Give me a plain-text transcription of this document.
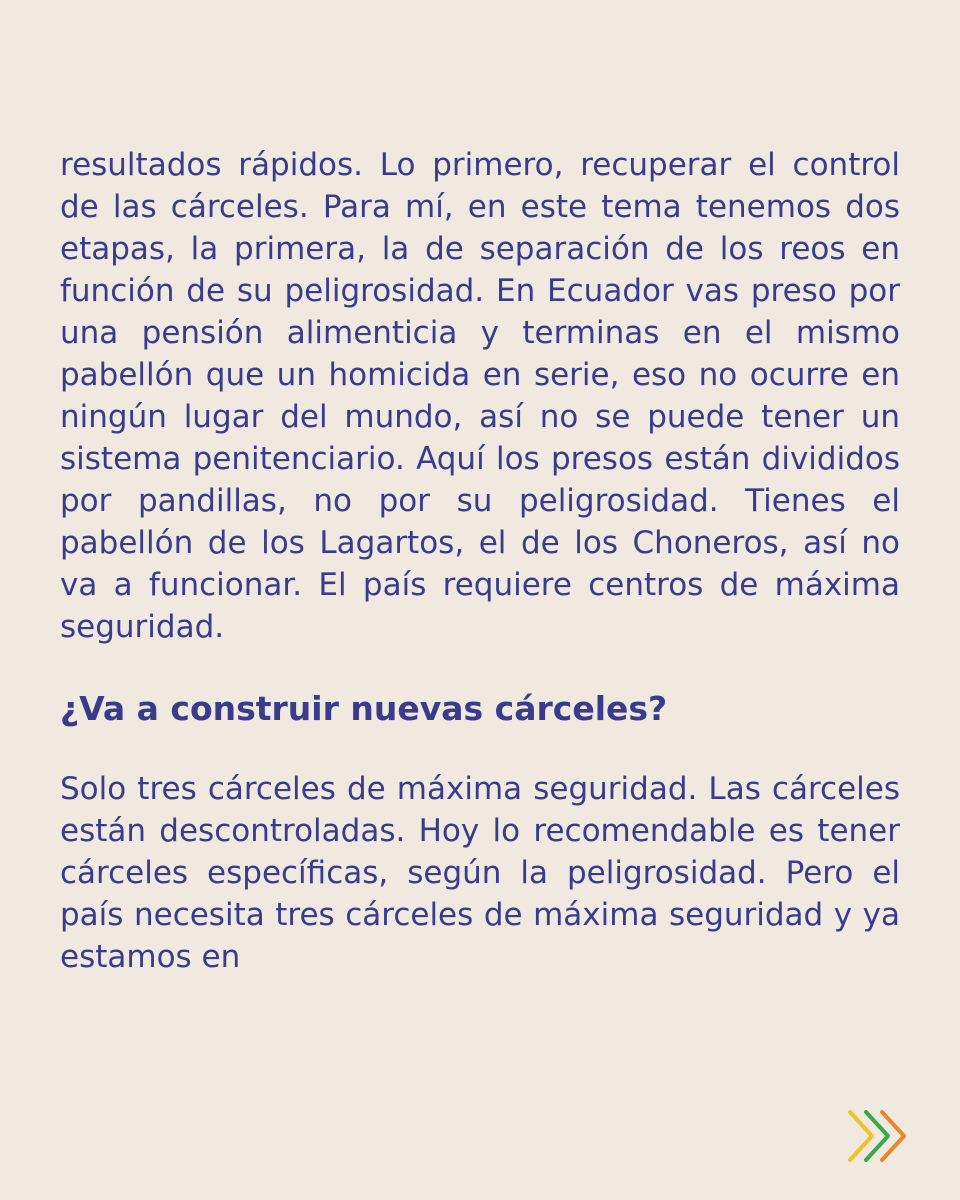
resultados rápidos. Lo primero, recuperar el control de las cárceles. Para mí, en este tema tenemos dos etapas, la primera, la de separación de los reos en función de su peligrosidad. En Ecuador vas preso por una pensión alimenticia y terminas en el mismo pabellón que un homicida en serie, eso no ocurre en ningún lugar del mundo, así no se puede tener un sistema penitenciario. Aquí los presos están divididos por pandillas, no por su peligrosidad. Tienes el pabellón de los Lagartos, el de los Choneros, así no va a funcionar. El país requiere centros de máxima seguridad.

¿Va a construir nuevas cárceles?

Solo tres cárceles de máxima seguridad. Las cárceles están descontroladas. Hoy lo recomendable es tener cárceles específicas, según la peligrosidad. Pero el país necesita tres cárceles de máxima seguridad y ya estamos en
